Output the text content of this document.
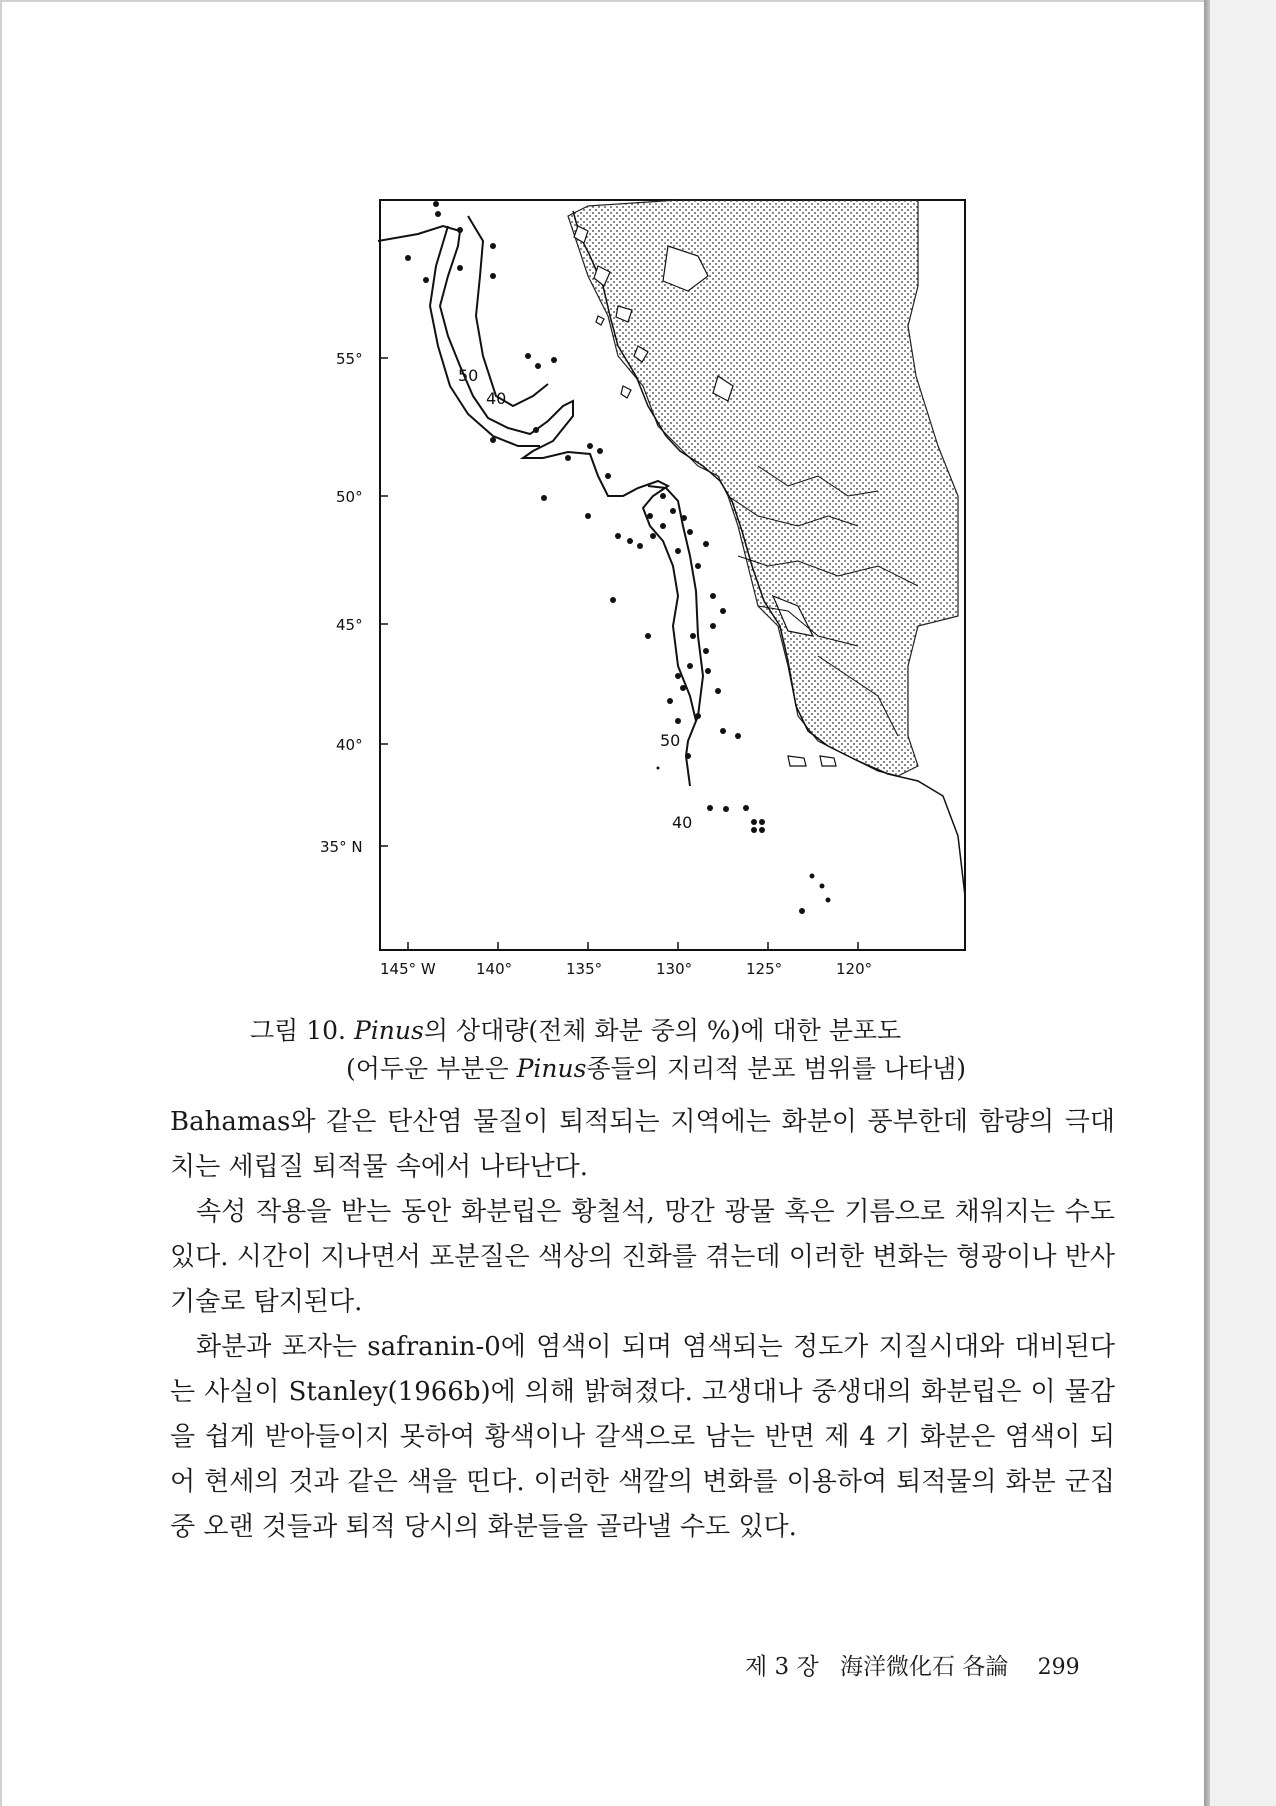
50
40
50
40
55°
50°
45°
40°
35° N
145° W	140°	135°	130°	125°	120°
그림 10. Pinus의 상대량(전체 화분 중의 %)에 대한 분포도
(어두운 부분은 Pinus종들의 지리적 분포 범위를 나타냄)

Bahamas와 같은 탄산염 물질이 퇴적되는 지역에는 화분이 풍부한데 함량의 극대치는 세립질 퇴적물 속에서 나타난다.

속성 작용을 받는 동안 화분립은 황철석, 망간 광물 혹은 기름으로 채워지는 수도 있다. 시간이 지나면서 포분질은 색상의 진화를 겪는데 이러한 변화는 형광이나 반사 기술로 탐지된다.

화분과 포자는 safranin-0에 염색이 되며 염색되는 정도가 지질시대와 대비된다는 사실이 Stanley(1966b)에 의해 밝혀졌다. 고생대나 중생대의 화분립은 이 물감을 쉽게 받아들이지 못하여 황색이나 갈색으로 남는 반면 제 4 기 화분은 염색이 되어 현세의 것과 같은 색을 띤다. 이러한 색깔의 변화를 이용하여 퇴적물의 화분 군집 중 오랜 것들과 퇴적 당시의 화분들을 골라낼 수도 있다.

제 3 장 海洋微化石 各論 299
